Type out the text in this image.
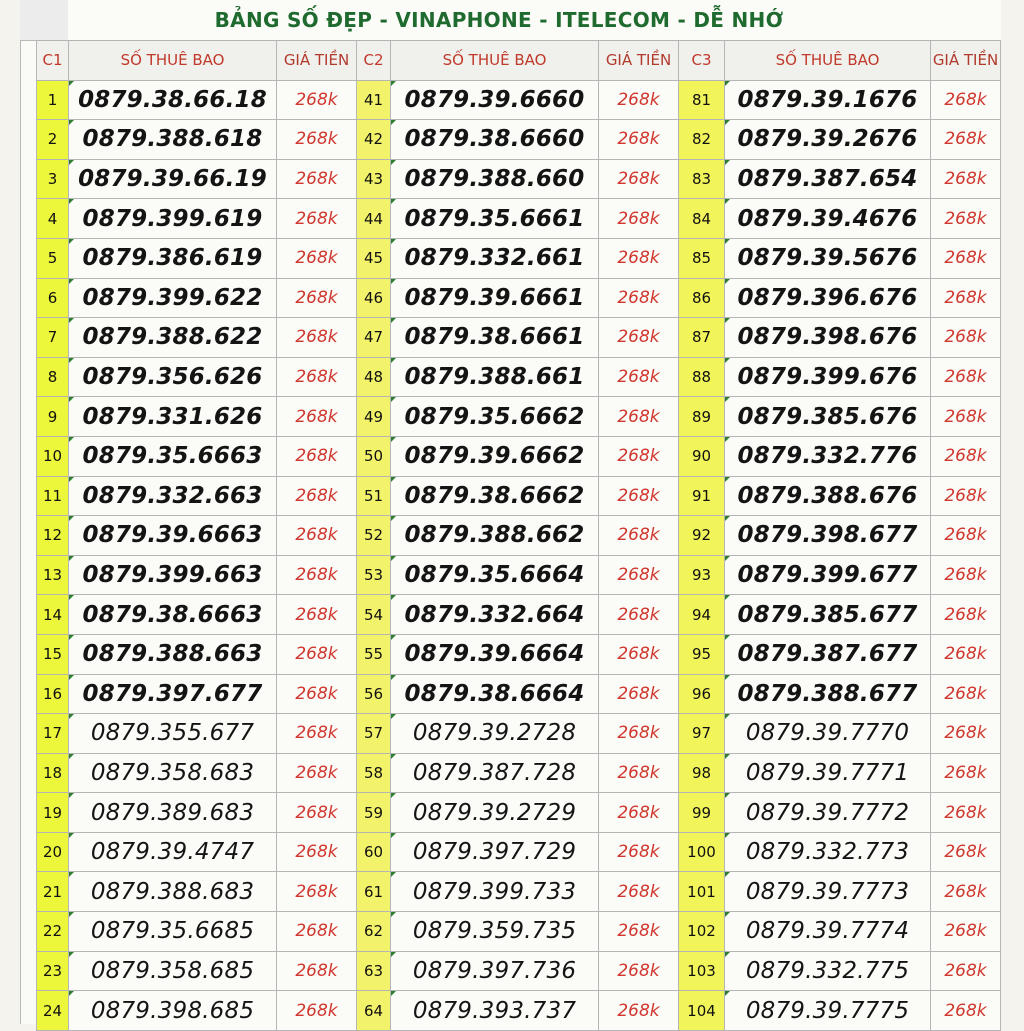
BẢNG SỐ ĐẸP - VINAPHONE - ITELECOM - DỄ NHỚ
C1	SỐ THUÊ BAO	GIÁ TIỀN	C2	SỐ THUÊ BAO	GIÁ TIỀN	C3	SỐ THUÊ BAO	GIÁ TIỀN
1	0879.38.66.18	268k	41	0879.39.6660	268k	81	0879.39.1676	268k
2	0879.388.618	268k	42	0879.38.6660	268k	82	0879.39.2676	268k
3	0879.39.66.19	268k	43	0879.388.660	268k	83	0879.387.654	268k
4	0879.399.619	268k	44	0879.35.6661	268k	84	0879.39.4676	268k
5	0879.386.619	268k	45	0879.332.661	268k	85	0879.39.5676	268k
6	0879.399.622	268k	46	0879.39.6661	268k	86	0879.396.676	268k
7	0879.388.622	268k	47	0879.38.6661	268k	87	0879.398.676	268k
8	0879.356.626	268k	48	0879.388.661	268k	88	0879.399.676	268k
9	0879.331.626	268k	49	0879.35.6662	268k	89	0879.385.676	268k
10	0879.35.6663	268k	50	0879.39.6662	268k	90	0879.332.776	268k
11	0879.332.663	268k	51	0879.38.6662	268k	91	0879.388.676	268k
12	0879.39.6663	268k	52	0879.388.662	268k	92	0879.398.677	268k
13	0879.399.663	268k	53	0879.35.6664	268k	93	0879.399.677	268k
14	0879.38.6663	268k	54	0879.332.664	268k	94	0879.385.677	268k
15	0879.388.663	268k	55	0879.39.6664	268k	95	0879.387.677	268k
16	0879.397.677	268k	56	0879.38.6664	268k	96	0879.388.677	268k
17	0879.355.677	268k	57	0879.39.2728	268k	97	0879.39.7770	268k
18	0879.358.683	268k	58	0879.387.728	268k	98	0879.39.7771	268k
19	0879.389.683	268k	59	0879.39.2729	268k	99	0879.39.7772	268k
20	0879.39.4747	268k	60	0879.397.729	268k	100	0879.332.773	268k
21	0879.388.683	268k	61	0879.399.733	268k	101	0879.39.7773	268k
22	0879.35.6685	268k	62	0879.359.735	268k	102	0879.39.7774	268k
23	0879.358.685	268k	63	0879.397.736	268k	103	0879.332.775	268k
24	0879.398.685	268k	64	0879.393.737	268k	104	0879.39.7775	268k
